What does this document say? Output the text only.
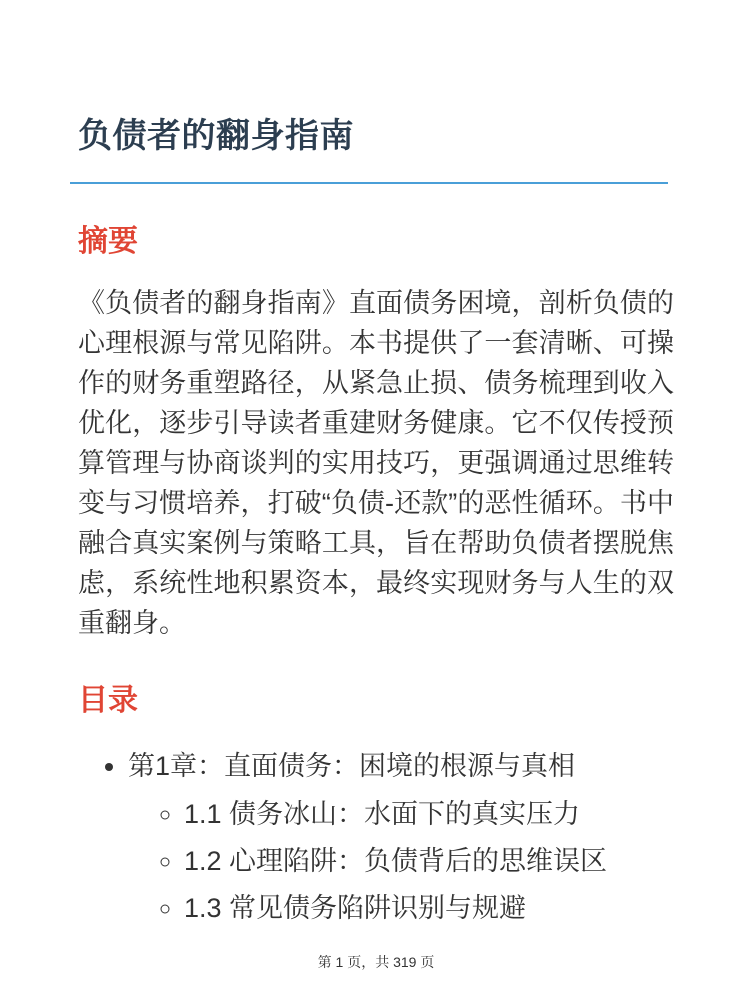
负债者的翻身指南
摘要

《负债者的翻身指南》直面债务困境，剖析负债的心理根源与常见陷阱。本书提供了一套清晰、可操作的财务重塑路径，从紧急止损、债务梳理到收入优化，逐步引导读者重建财务健康。它不仅传授预算管理与协商谈判的实用技巧，更强调通过思维转变与习惯培养，打破“负债-还款”的恶性循环。书中融合真实案例与策略工具，旨在帮助负债者摆脱焦虑，系统性地积累资本，最终实现财务与人生的双重翻身。

目录
• 第1章：直面债务：困境的根源与真相
◦ 1.1 债务冰山：水面下的真实压力
◦ 1.2 心理陷阱：负债背后的思维误区
◦ 1.3 常见债务陷阱识别与规避
第 1 页，共 319 页
